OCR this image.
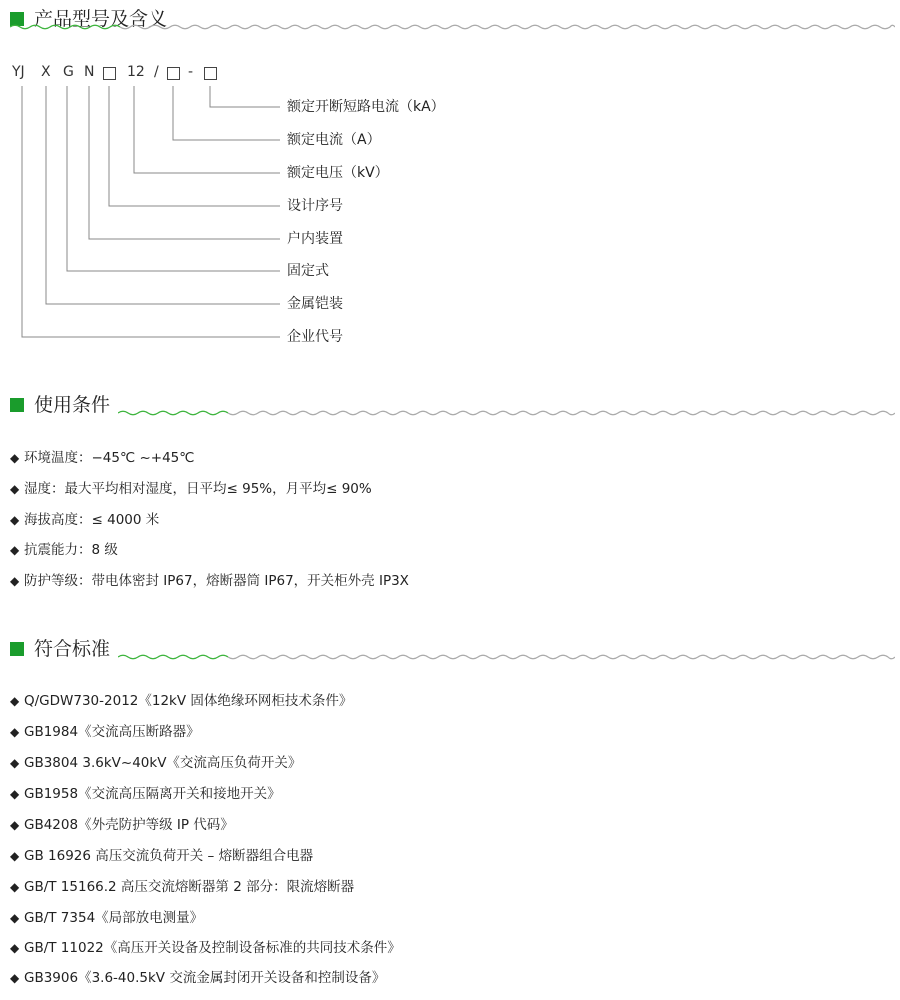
产品型号及含义
YJ X G N 12 / -
额定开断短路电流（kA）
额定电流（A）
额定电压（kV）
设计序号
户内装置
固定式
金属铠装
企业代号
使用条件
◆ 环境温度：−45℃ ~+45℃
◆ 湿度：最大平均相对湿度，日平均≤ 95%，月平均≤ 90%
◆ 海拔高度：≤ 4000 米
◆ 抗震能力：8 级
◆ 防护等级：带电体密封 IP67，熔断器筒 IP67，开关柜外壳 IP3X
符合标准
◆ Q/GDW730-2012《12kV 固体绝缘环网柜技术条件》
◆ GB1984《交流高压断路器》
◆ GB3804 3.6kV~40kV《交流高压负荷开关》
◆ GB1958《交流高压隔离开关和接地开关》
◆ GB4208《外壳防护等级 IP 代码》
◆ GB 16926 高压交流负荷开关 – 熔断器组合电器
◆ GB/T 15166.2 高压交流熔断器第 2 部分：限流熔断器
◆ GB/T 7354《局部放电测量》
◆ GB/T 11022《高压开关设备及控制设备标准的共同技术条件》
◆ GB3906《3.6-40.5kV 交流金属封闭开关设备和控制设备》
